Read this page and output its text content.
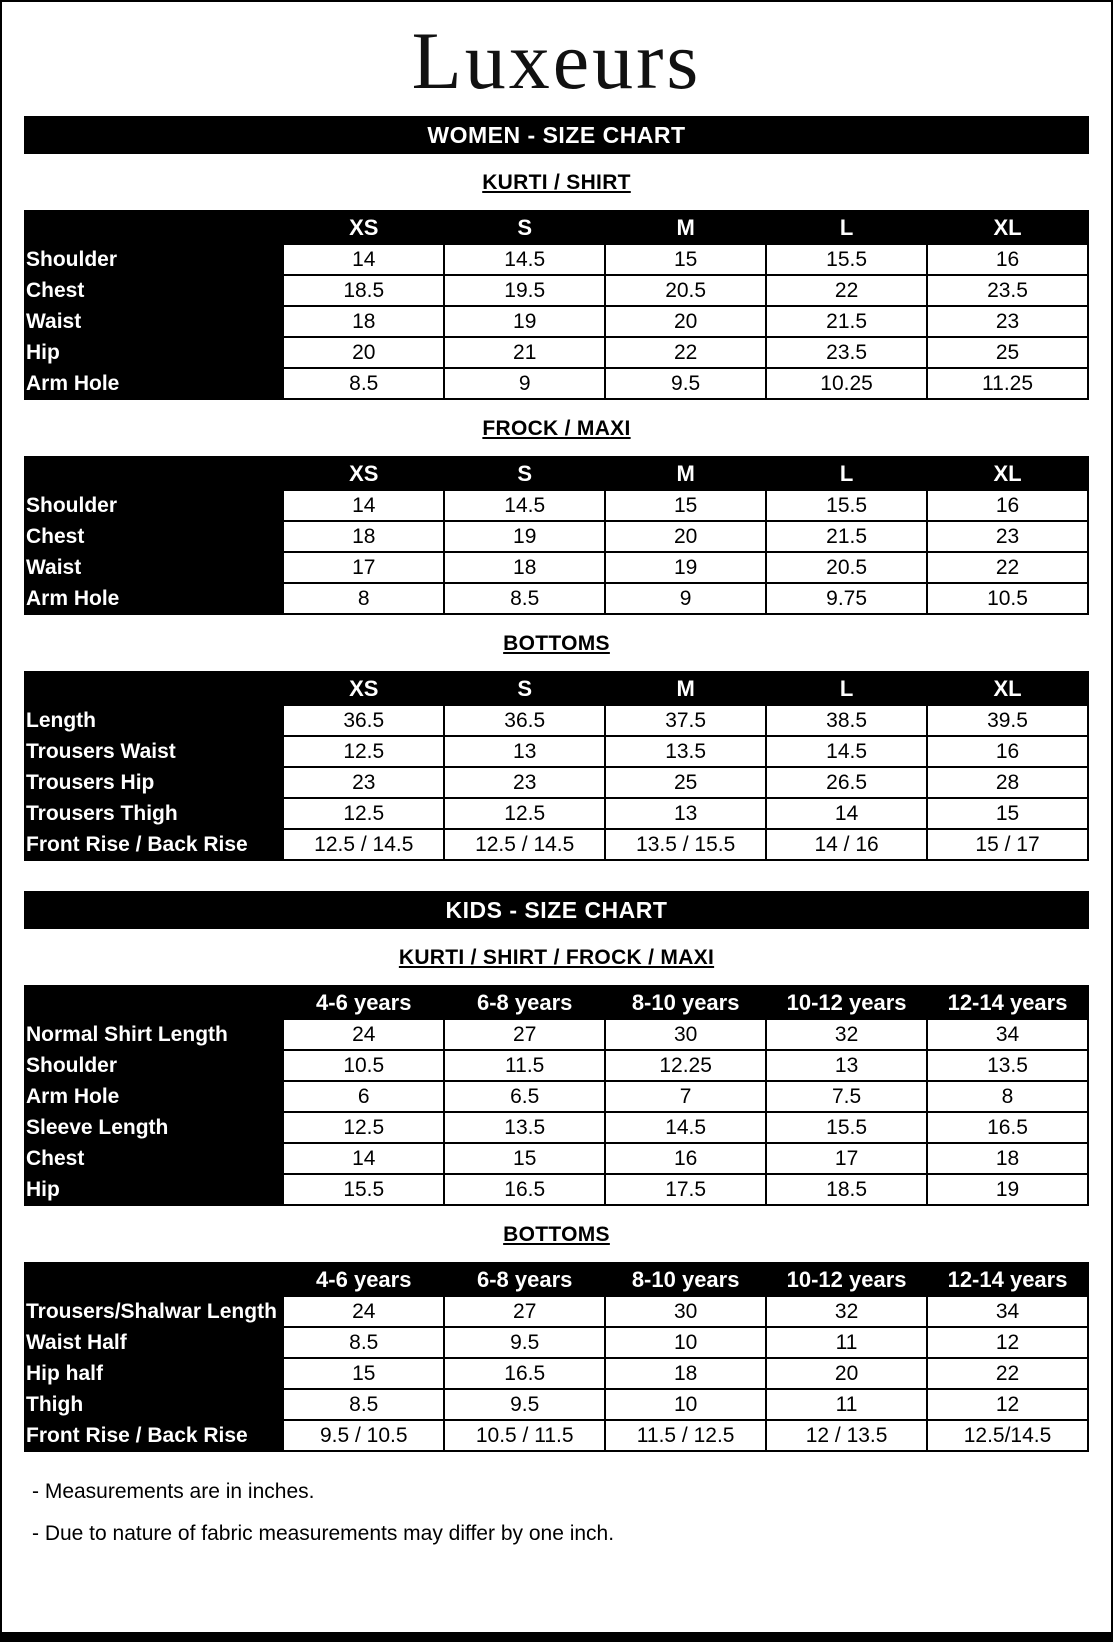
Luxeurs
WOMEN - SIZE CHART
KURTI / SHIRT
	XS	S	M	L	XL
Shoulder	14	14.5	15	15.5	16
Chest	18.5	19.5	20.5	22	23.5
Waist	18	19	20	21.5	23
Hip	20	21	22	23.5	25
Arm Hole	8.5	9	9.5	10.25	11.25
FROCK / MAXI
	XS	S	M	L	XL
Shoulder	14	14.5	15	15.5	16
Chest	18	19	20	21.5	23
Waist	17	18	19	20.5	22
Arm Hole	8	8.5	9	9.75	10.5
BOTTOMS
	XS	S	M	L	XL
Length	36.5	36.5	37.5	38.5	39.5
Trousers Waist	12.5	13	13.5	14.5	16
Trousers Hip	23	23	25	26.5	28
Trousers Thigh	12.5	12.5	13	14	15
Front Rise / Back Rise	12.5 / 14.5	12.5 / 14.5	13.5 / 15.5	14 / 16	15 / 17
KIDS - SIZE CHART
KURTI / SHIRT / FROCK / MAXI
	4-6 years	6-8 years	8-10 years	10-12 years	12-14 years
Normal Shirt Length	24	27	30	32	34
Shoulder	10.5	11.5	12.25	13	13.5
Arm Hole	6	6.5	7	7.5	8
Sleeve Length	12.5	13.5	14.5	15.5	16.5
Chest	14	15	16	17	18
Hip	15.5	16.5	17.5	18.5	19
BOTTOMS
	4-6 years	6-8 years	8-10 years	10-12 years	12-14 years
Trousers/Shalwar Length	24	27	30	32	34
Waist Half	8.5	9.5	10	11	12
Hip half	15	16.5	18	20	22
Thigh	8.5	9.5	10	11	12
Front Rise / Back Rise	9.5 / 10.5	10.5 / 11.5	11.5 / 12.5	12 / 13.5	12.5/14.5

- Measurements are in inches.

- Due to nature of fabric measurements may differ by one inch.
